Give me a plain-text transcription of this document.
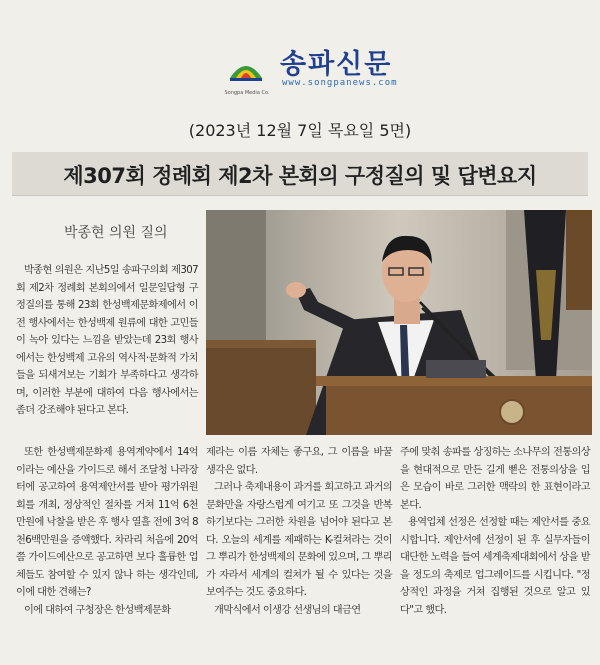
Songpa Media Co.
송파신문
www.songpanews.com
(2023년 12월 7일 목요일 5면)
제307회 정례회 제2차 본회의 구정질의 및 답변요지
박종현 의원 질의

박종현 의원은 지난5일 송파구의회 제307회 제2차 정례회 본회의에서 일문일답형 구정질의를 통해 23회 한성백제문화제에서 이전 행사에서는 한성백제 원류에 대한 고민들이 녹아 있다는 느낌을 받았는데 23회 행사에서는 한성백제 고유의 역사적·문화적 가치들을 되새겨보는 기회가 부족하다고 생각하며, 이러한 부분에 대하여 다음 행사에서는 좀더 강조해야 된다고 본다.

또한 한성백제문화제 용역계약에서 14억이라는 예산을 가이드로 해서 조달청 나라장터에 공고하여 용역제안서를 받아 평가위원회를 개최, 정상적인 절차를 거쳐 11억 6천만원에 낙찰을 받은 후 행사 열흘 전에 3억 8천6백만원을 증액했다. 차라리 처음에 20억쯤 가이드예산으로 공고하면 보다 훌륭한 업체들도 참여할 수 있지 않나 하는 생각인데, 이에 대한 견해는?

이에 대하여 구청장은 한성백제문화

제라는 이름 자체는 좋구요, 그 이름을 바꿀 생각은 없다.

그러나 축제내용이 과거를 회고하고 과거의 문화만을 자랑스럽게 여기고 또 그것을 반복하기보다는 그러한 차원을 넘어야 된다고 본다. 오늘의 세계를 제패하는 K-컬쳐라는 것이 그 뿌리가 한성백제의 문화에 있으며, 그 뿌리가 자라서 세계의 컬쳐가 될 수 있다는 것을 보여주는 것도 중요하다.

개막식에서 이생강 선생님의 대금연

주에 맞춰 송파를 상징하는 소나무의 전통의상을 현대적으로 만든 길게 뻗은 전통의상을 입은 모습이 바로 그러한 맥락의 한 표현이라고 본다.

용역업체 선정은 선정할 때는 제안서를 중요시합니다. 제안서에 선정이 된 후 실무자들이 대단한 노력을 들여 세계축제대회에서 상을 받을 정도의 축제로 업그레이드를 시킵니다. "정상적인 과정을 거쳐 집행된 것으로 알고 있다"고 했다.
